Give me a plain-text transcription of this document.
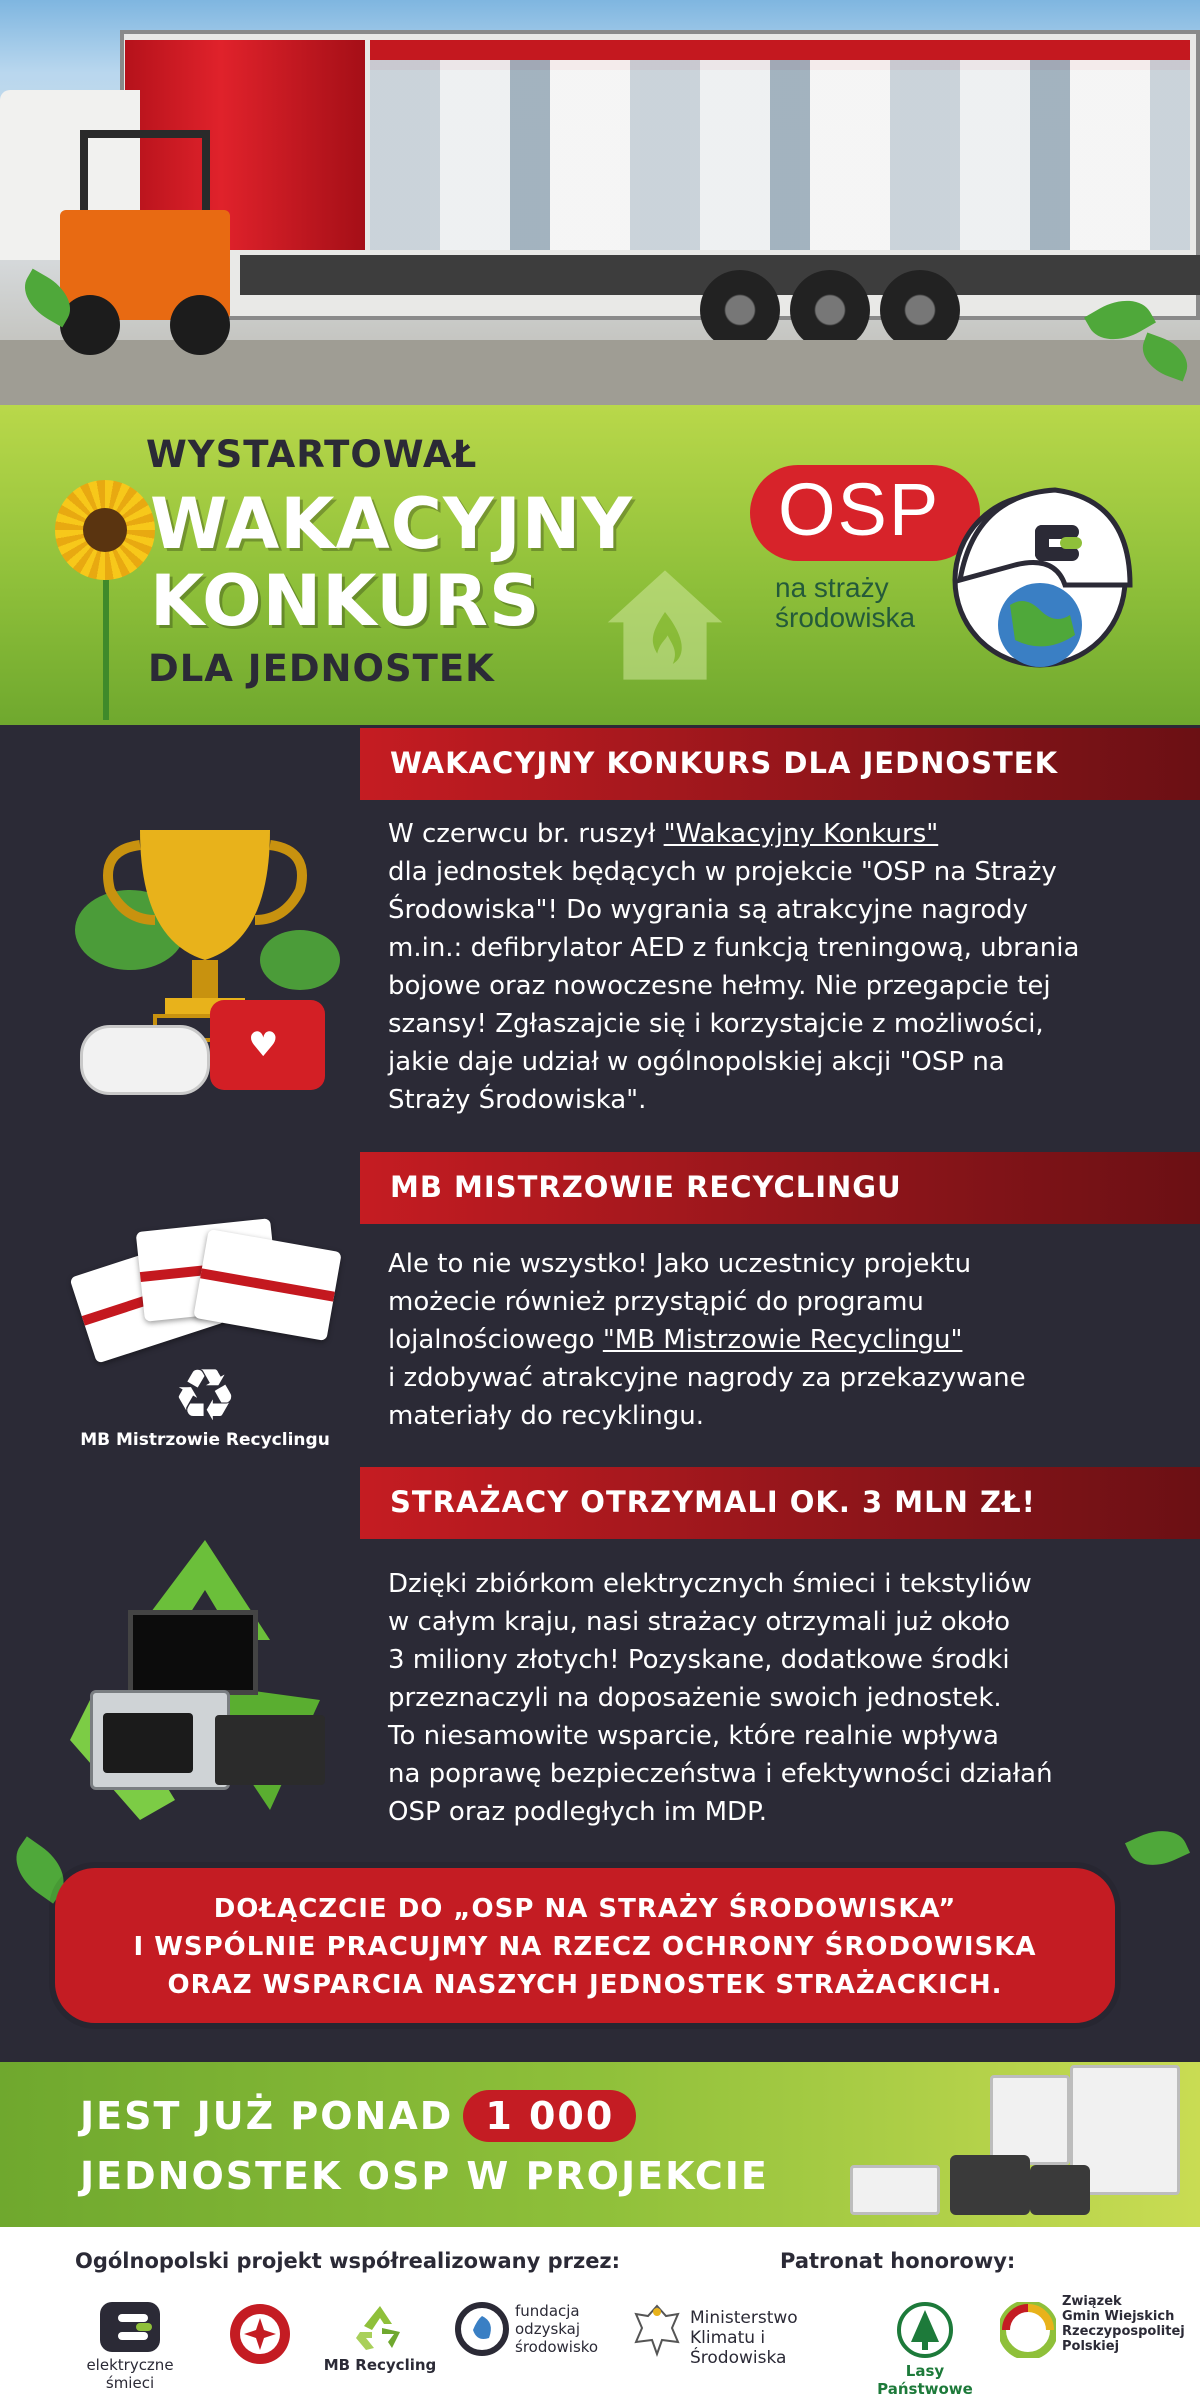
WYSTARTOWAŁ
WAKACYJNY
KONKURS
DLA JEDNOSTEK
OSP
na straży
środowiska
WAKACYJNY KONKURS DLA JEDNOSTEK
♥
W czerwcu br. ruszył "Wakacyjny Konkurs"
dla jednostek będących w projekcie "OSP na Straży
Środowiska"! Do wygrania są atrakcyjne nagrody
m.in.: defibrylator AED z funkcją treningową, ubrania
bojowe oraz nowoczesne hełmy. Nie przegapcie tej
szansy! Zgłaszajcie się i korzystajcie z możliwości,
jakie daje udział w ogólnopolskiej akcji "OSP na
Straży Środowiska".
MB MISTRZOWIE RECYCLINGU
♻
MB Mistrzowie Recyclingu
Ale to nie wszystko! Jako uczestnicy projektu
możecie również przystąpić do programu
lojalnościowego "MB Mistrzowie Recyclingu"
i zdobywać atrakcyjne nagrody za przekazywane
materiały do recyklingu.
STRAŻACY OTRZYMALI OK. 3 MLN ZŁ!
Dzięki zbiórkom elektrycznych śmieci i tekstyliów
w całym kraju, nasi strażacy otrzymali już około
3 miliony złotych! Pozyskane, dodatkowe środki
przeznaczyli na doposażenie swoich jednostek.
To niesamowite wsparcie, które realnie wpływa
na poprawę bezpieczeństwa i efektywności działań
OSP oraz podległych im MDP.
DOŁĄCZCIE DO „OSP NA STRAŻY ŚRODOWISKA”
I WSPÓLNIE PRACUJMY NA RZECZ OCHRONY ŚRODOWISKA
ORAZ WSPARCIA NASZYCH JEDNOSTEK STRAŻACKICH.
JEST JUŻ PONAD 1 000
JEDNOSTEK OSP W PROJEKCIE
Ogólnopolski projekt współrealizowany przez:	Patronat honorowy:
elektryczne
śmieci
MB Recycling
fundacja
odzyskaj
środowisko
Ministerstwo
Klimatu i Środowiska
Lasy Państwowe
Związek
Gmin Wiejskich
Rzeczypospolitej
Polskiej
